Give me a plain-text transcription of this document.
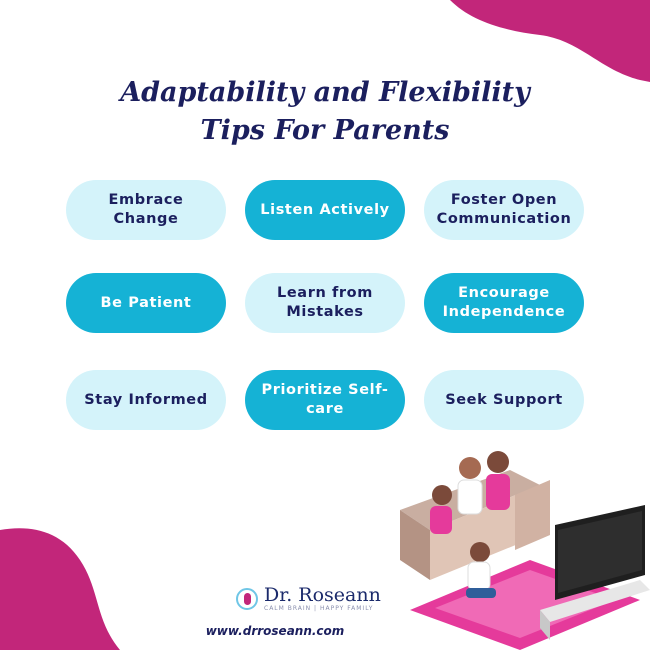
Adaptability and Flexibility
Tips For Parents
Embrace Change
Listen Actively
Foster Open Communication
Be Patient
Learn from Mistakes
Encourage Independence
Stay Informed
Prioritize Self-care
Seek Support
Dr. Roseann
CALM BRAIN | HAPPY FAMILY
www.drroseann.com
